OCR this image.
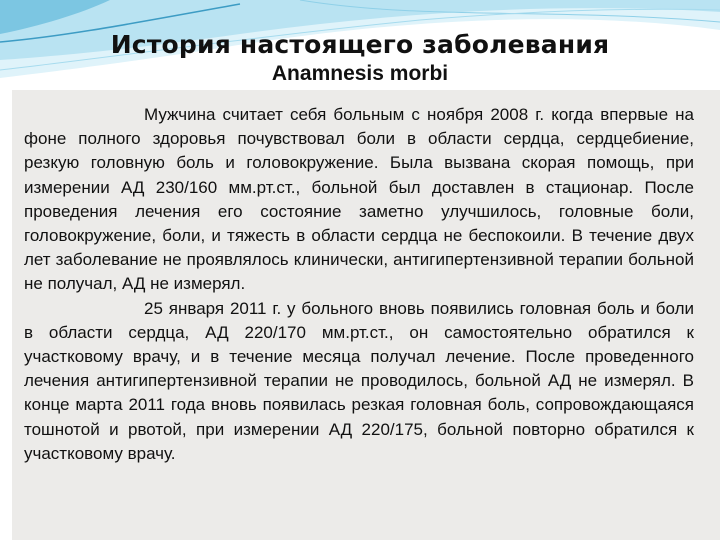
История настоящего заболевания
Anamnesis morbi

Мужчина считает себя больным с ноября 2008 г. когда впервые на фоне полного здоровья почувствовал боли в области сердца, сердцебиение, резкую головную боль и головокружение. Была вызвана скорая помощь, при измерении АД 230/160 мм.рт.ст., больной был доставлен в стационар. После проведения лечения его состояние заметно улучшилось, головные боли, головокружение, боли, и тяжесть в области сердца не беспокоили. В течение двух лет заболевание не проявлялось клинически, антигипертензивной терапии больной не получал, АД не измерял.

25 января 2011 г. у больного вновь появились головная боль и боли в области сердца, АД 220/170 мм.рт.ст., он самостоятельно обратился к участковому врачу, и в течение месяца получал лечение. После проведенного лечения антигипертензивной терапии не проводилось, больной АД не измерял. В конце марта 2011 года вновь появилась резкая головная боль, сопровождающаяся тошнотой и рвотой, при измерении АД 220/175, больной повторно обратился к участковому врачу.
